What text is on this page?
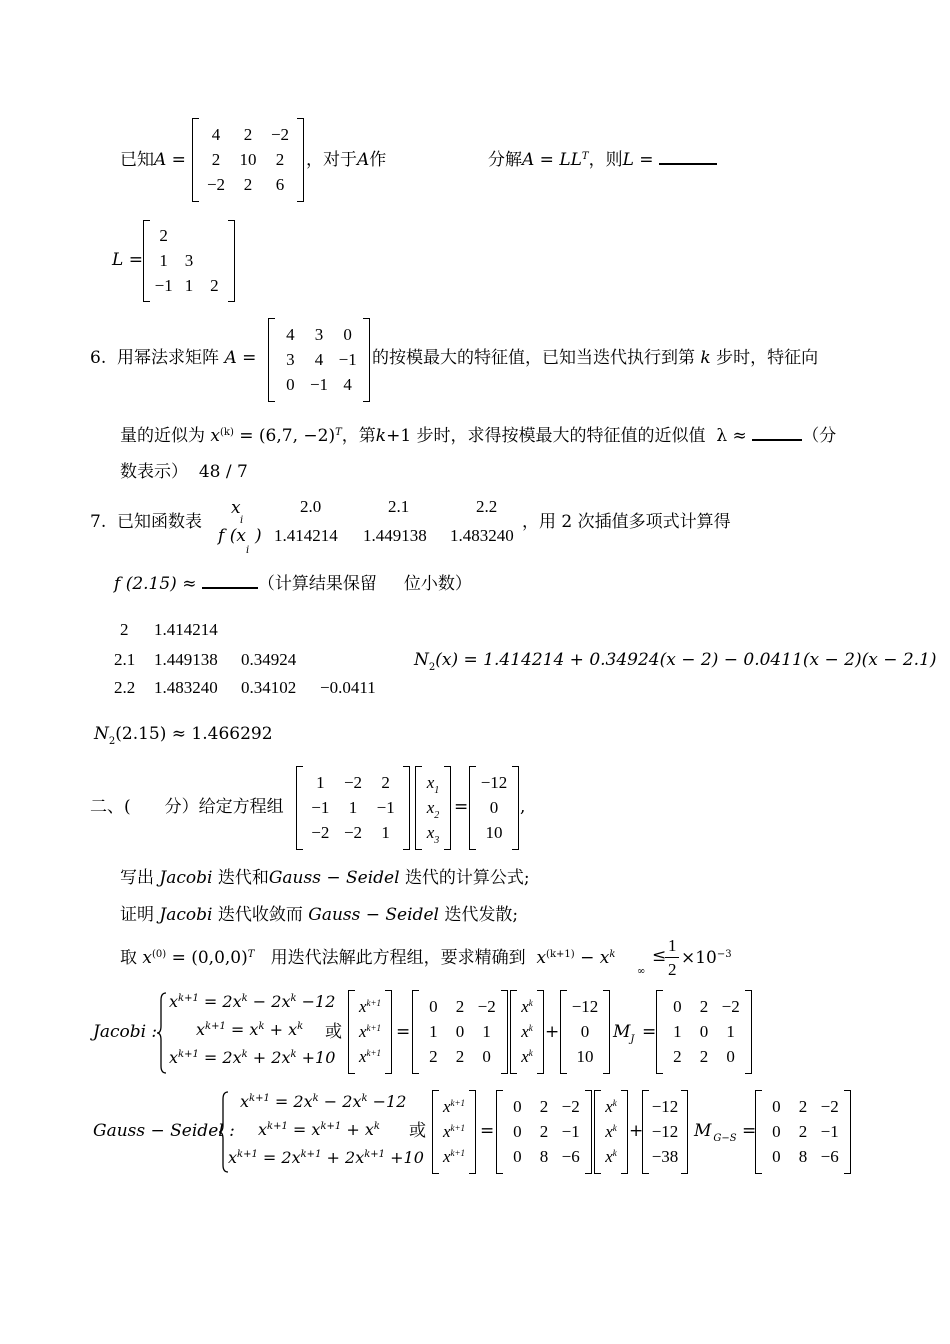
已知A =
4	2	−2
2	10	2
−2	2	6
，对于A作	分解$A = LL^T$，则L =
L =
2
1 3
−1 1 2
6. 用幂法求矩阵 A =
4	3	0
3	4 −1
0 −1 4
的按模最大的特征值，已知当迭代执行到第 k 步时，特征向
量的近似为 $x^{(k)} = (6,7$, −2)$^T$，第k+1 步时，求得按模最大的特征值的近似值 λ ≈	（分
数表示） 48 / 7
7. 已知函数表
x
i
f (x
i
)
2.0	2.1	2.2
1.414214 1.449138 1.483240
，用 2 次插值多项式计算得
f (2.15) ≈	（计算结果保留 位小数）
2 1.414214
2.1 1.449138 0.34924
2.2 1.483240 0.34102 −0.0411
$N_2(x) = 1.414214 + 0.34924(x - 2) - 0.0411(x - 2)(x - 2.1)$
$N_2(2.15) \approx 1.466292$
二、(　　分）给定方程组
1	−2	2
−1	1	−1
−2 −2	1
$x_1$
$x_2$
$x_3$
=
−12
0
10
,
写出 Jacobi 迭代和Gauss − Seidel 迭代的计算公式;
证明 Jacobi 迭代收敛而 Gauss − Seidel 迭代发散;
取 $x^{(0)} = (0,0,0)^T$ 用迭代法解此方程组，要求精确到 $x^{(k+1)} - x^k$
∞
≤
1
2
$\times 10^{-3}$
Jacobi :
$x^{k+1} = 2x^k - 2x^k -12$
$x^{k+1} = x^k + x^k$
$x^{k+1} = 2x^k + 2x^k +10$
或
$x^{k+1}$
$x^{k+1}$
$x^{k+1}$
=
0	2 −2
1	0	1
2	2	0
$x^k$
$x^k$
$x^k$
+
−12
0
10
$M_J$ =
0	2 −2
1	0	1
2	2	0
Gauss − Seidel :
$x^{k+1} = 2x^k - 2x^k -12$
$x^{k+1} = x^{k+1} + x^k$
$x^{k+1} = 2x^{k+1} + 2x^{k+1} +10$
或
$x^{k+1}$
$x^{k+1}$
$x^{k+1}$
=
0	2 −2
0	2 −1
0	8 −6
$x^k$
$x^k$
$x^k$
+
−12
−12
−38
M $_{G-S}$ =
0	2 −2
0	2 −1
0	8 −6
